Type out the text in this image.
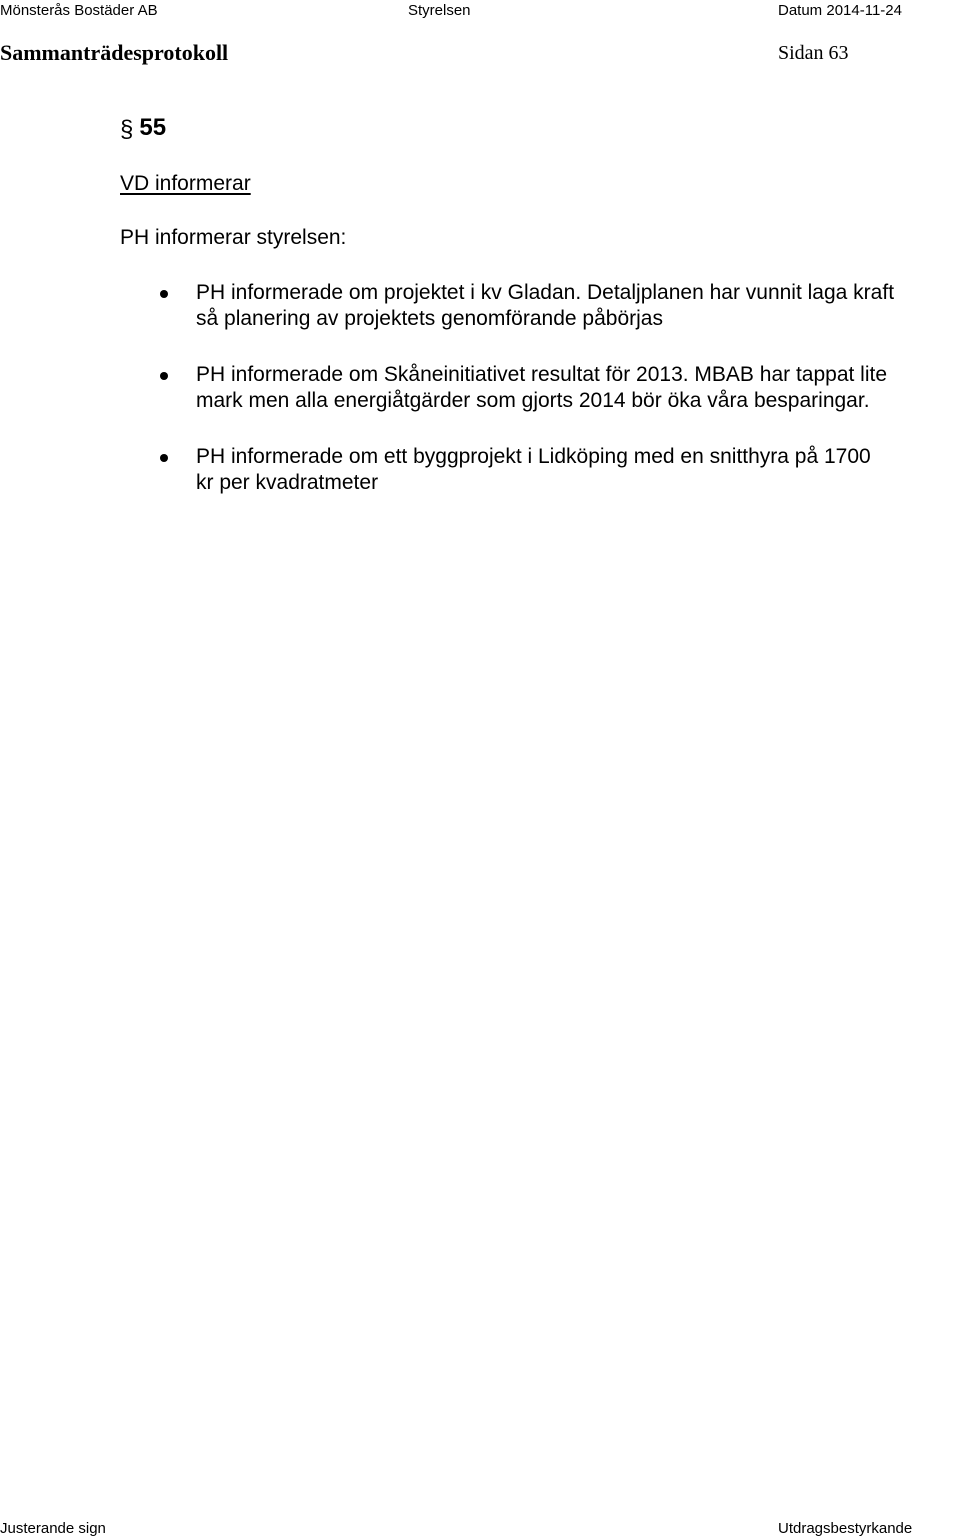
Mönsterås Bostäder AB	Styrelsen	Datum 2014-11-24
Sammanträdesprotokoll	Sidan 63
§ 55
VD informerar
PH informerar styrelsen:
PH informerade om projektet i kv Gladan. Detaljplanen har vunnit laga kraft
så planering av projektets genomförande påbörjas
PH informerade om Skåneinitiativet resultat för 2013. MBAB har tappat lite
mark men alla energiåtgärder som gjorts 2014 bör öka våra besparingar.
PH informerade om ett byggprojekt i Lidköping med en snitthyra på 1700
kr per kvadratmeter
Justerande sign	Utdragsbestyrkande
